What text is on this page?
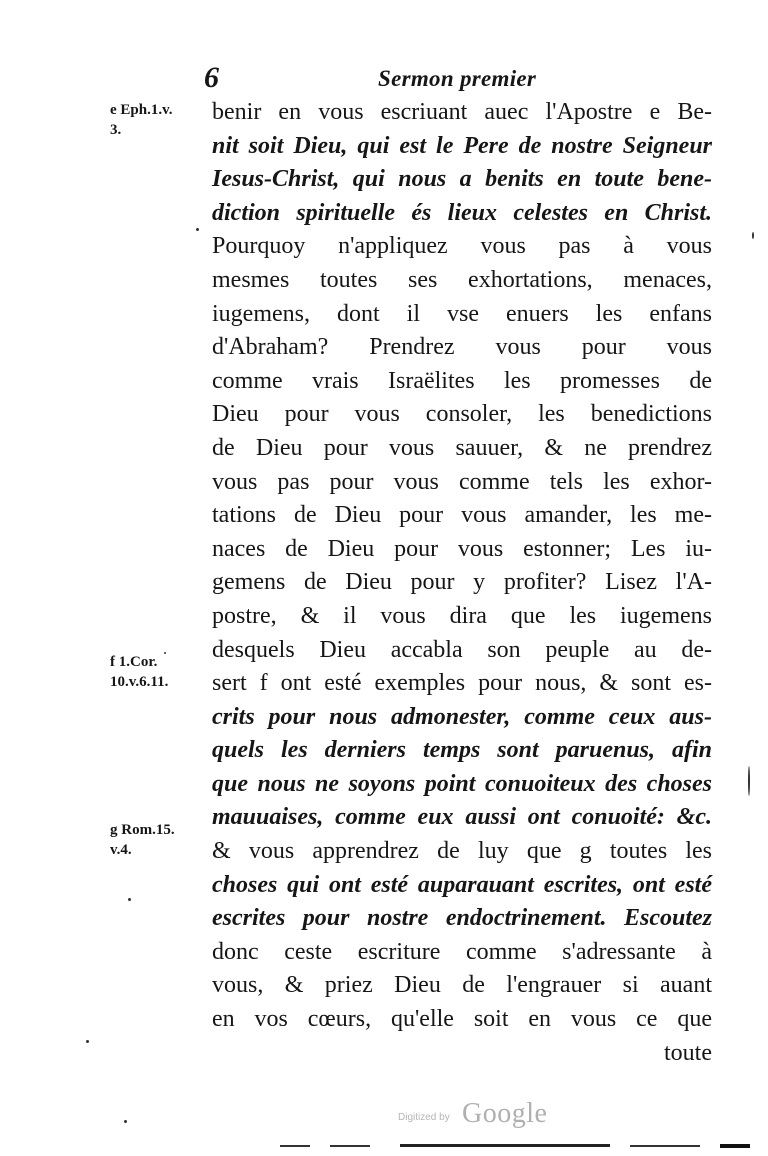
6	Sermon premier
e Eph.1.v.
3.
f 1.Cor.
10.v.6.11.
g Rom.15.
v.4.
benir en vous escriuant auec l'Apostre e Be-
nit soit Dieu, qui est le Pere de nostre Seigneur
Iesus-Christ, qui nous a benits en toute bene-
diction spirituelle és lieux celestes en Christ.
Pourquoy n'appliquez vous pas à vous
mesmes toutes ses exhortations, menaces,
iugemens, dont il vse enuers les enfans
d'Abraham? Prendrez vous pour vous
comme vrais Israëlites les promesses de
Dieu pour vous consoler, les benedictions
de Dieu pour vous sauuer, & ne prendrez
vous pas pour vous comme tels les exhor-
tations de Dieu pour vous amander, les me-
naces de Dieu pour vous estonner; Les iu-
gemens de Dieu pour y profiter? Lisez l'A-
postre, & il vous dira que les iugemens
desquels Dieu accabla son peuple au de-
sert f ont esté exemples pour nous, & sont es-
crits pour nous admonester, comme ceux aus-
quels les derniers temps sont paruenus, afin
que nous ne soyons point conuoiteux des choses
mauuaises, comme eux aussi ont conuoité: &c.
& vous apprendrez de luy que g toutes les
choses qui ont esté auparauant escrites, ont esté
escrites pour nostre endoctrinement. Escoutez
donc ceste escriture comme s'adressante à
vous, & priez Dieu de l'engrauer si auant
en vos cœurs, qu'elle soit en vous ce que
toute
Digitized by Google
